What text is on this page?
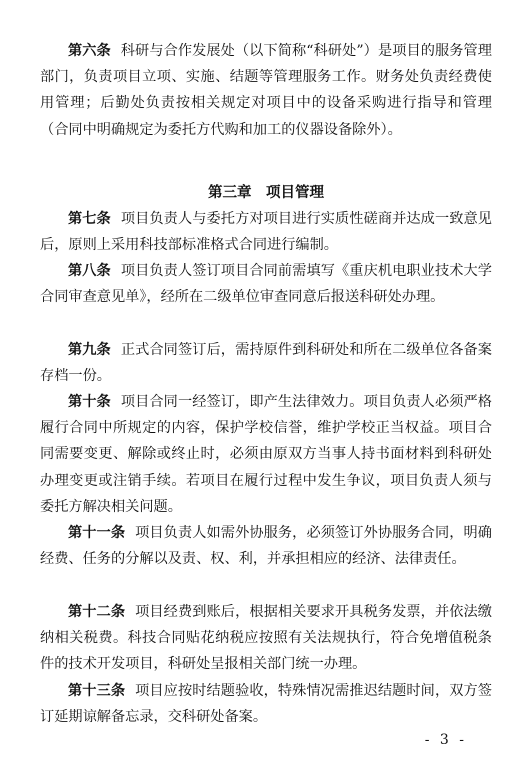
第六条 科研与合作发展处（以下简称“科研处”）是项目的服务管理部门，负责项目立项、实施、结题等管理服务工作。财务处负责经费使用管理；后勤处负责按相关规定对项目中的设备采购进行指导和管理（合同中明确规定为委托方代购和加工的仪器设备除外）。

第三章　项目管理

第七条 项目负责人与委托方对项目进行实质性磋商并达成一致意见后，原则上采用科技部标准格式合同进行编制。

第八条 项目负责人签订项目合同前需填写《重庆机电职业技术大学合同审查意见单》，经所在二级单位审查同意后报送科研处办理。

第九条 正式合同签订后，需持原件到科研处和所在二级单位各备案存档一份。

第十条 项目合同一经签订，即产生法律效力。项目负责人必须严格履行合同中所规定的内容，保护学校信誉，维护学校正当权益。项目合同需要变更、解除或终止时，必须由原双方当事人持书面材料到科研处办理变更或注销手续。若项目在履行过程中发生争议，项目负责人须与委托方解决相关问题。

第十一条 项目负责人如需外协服务，必须签订外协服务合同，明确经费、任务的分解以及责、权、利，并承担相应的经济、法律责任。

第十二条 项目经费到账后，根据相关要求开具税务发票，并依法缴纳相关税费。科技合同贴花纳税应按照有关法规执行，符合免增值税条件的技术开发项目，科研处呈报相关部门统一办理。

第十三条 项目应按时结题验收，特殊情况需推迟结题时间，双方签订延期谅解备忘录，交科研处备案。

- 3 -
